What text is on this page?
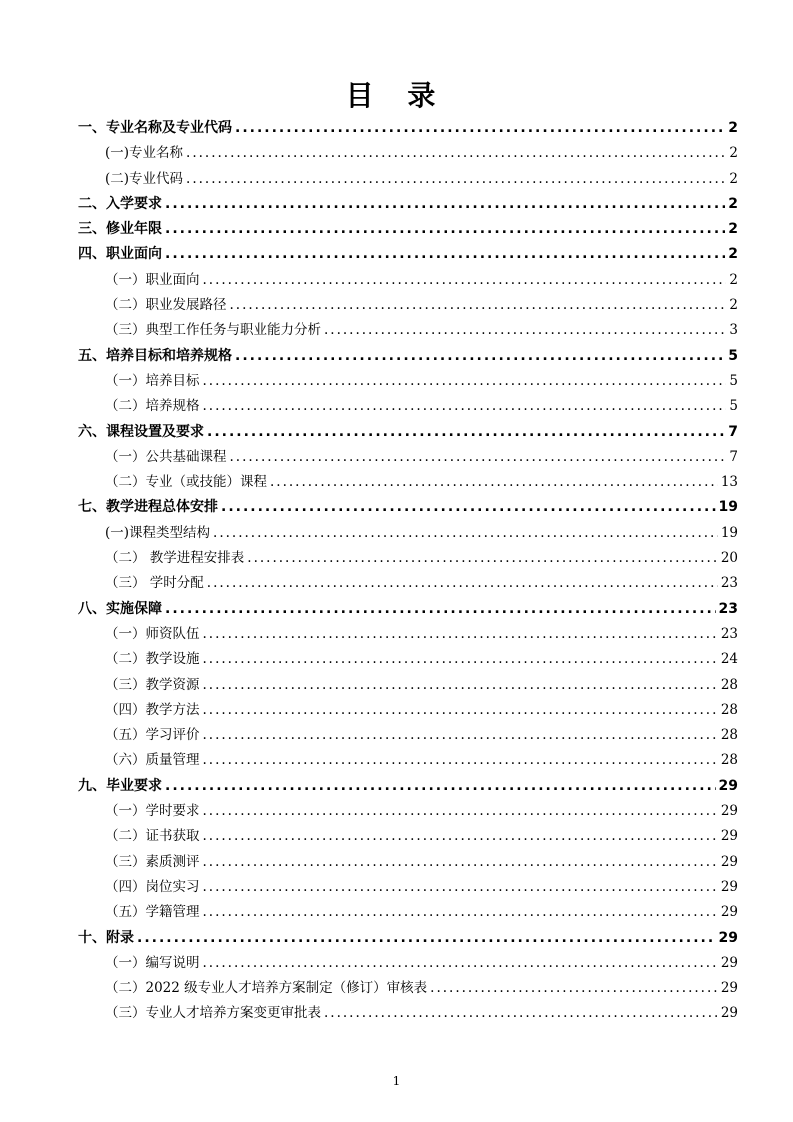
目 录
一、专业名称及专业代码 .....	2
(一)专业名称 .....	2
(二)专业代码 .....	2
二、入学要求 .....	2
三、修业年限 .....	2
四、职业面向 .....	2
（一）职业面向 .....	2
（二）职业发展路径 .....	2
（三）典型工作任务与职业能力分析 .....	3
五、培养目标和培养规格 .....	5
（一）培养目标 .....	5
（二）培养规格 .....	5
六、课程设置及要求 .....	7
（一）公共基础课程 .....	7
（二）专业（或技能）课程 .....	13
七、教学进程总体安排 .....	19
(一)课程类型结构 .....	19
（二） 教学进程安排表 .....	20
（三） 学时分配 .....	23
八、实施保障 .....	23
（一）师资队伍 .....	23
（二）教学设施 .....	24
（三）教学资源 .....	28
（四）教学方法 .....	28
（五）学习评价 .....	28
（六）质量管理 .....	28
九、毕业要求 .....	29
（一）学时要求 .....	29
（二）证书获取 .....	29
（三）素质测评 .....	29
（四）岗位实习 .....	29
（五）学籍管理 .....	29
十、附录 .....	29
（一）编写说明 .....	29
（二）2022 级专业人才培养方案制定（修订）审核表 .....	29
（三）专业人才培养方案变更审批表 .....	29
1
